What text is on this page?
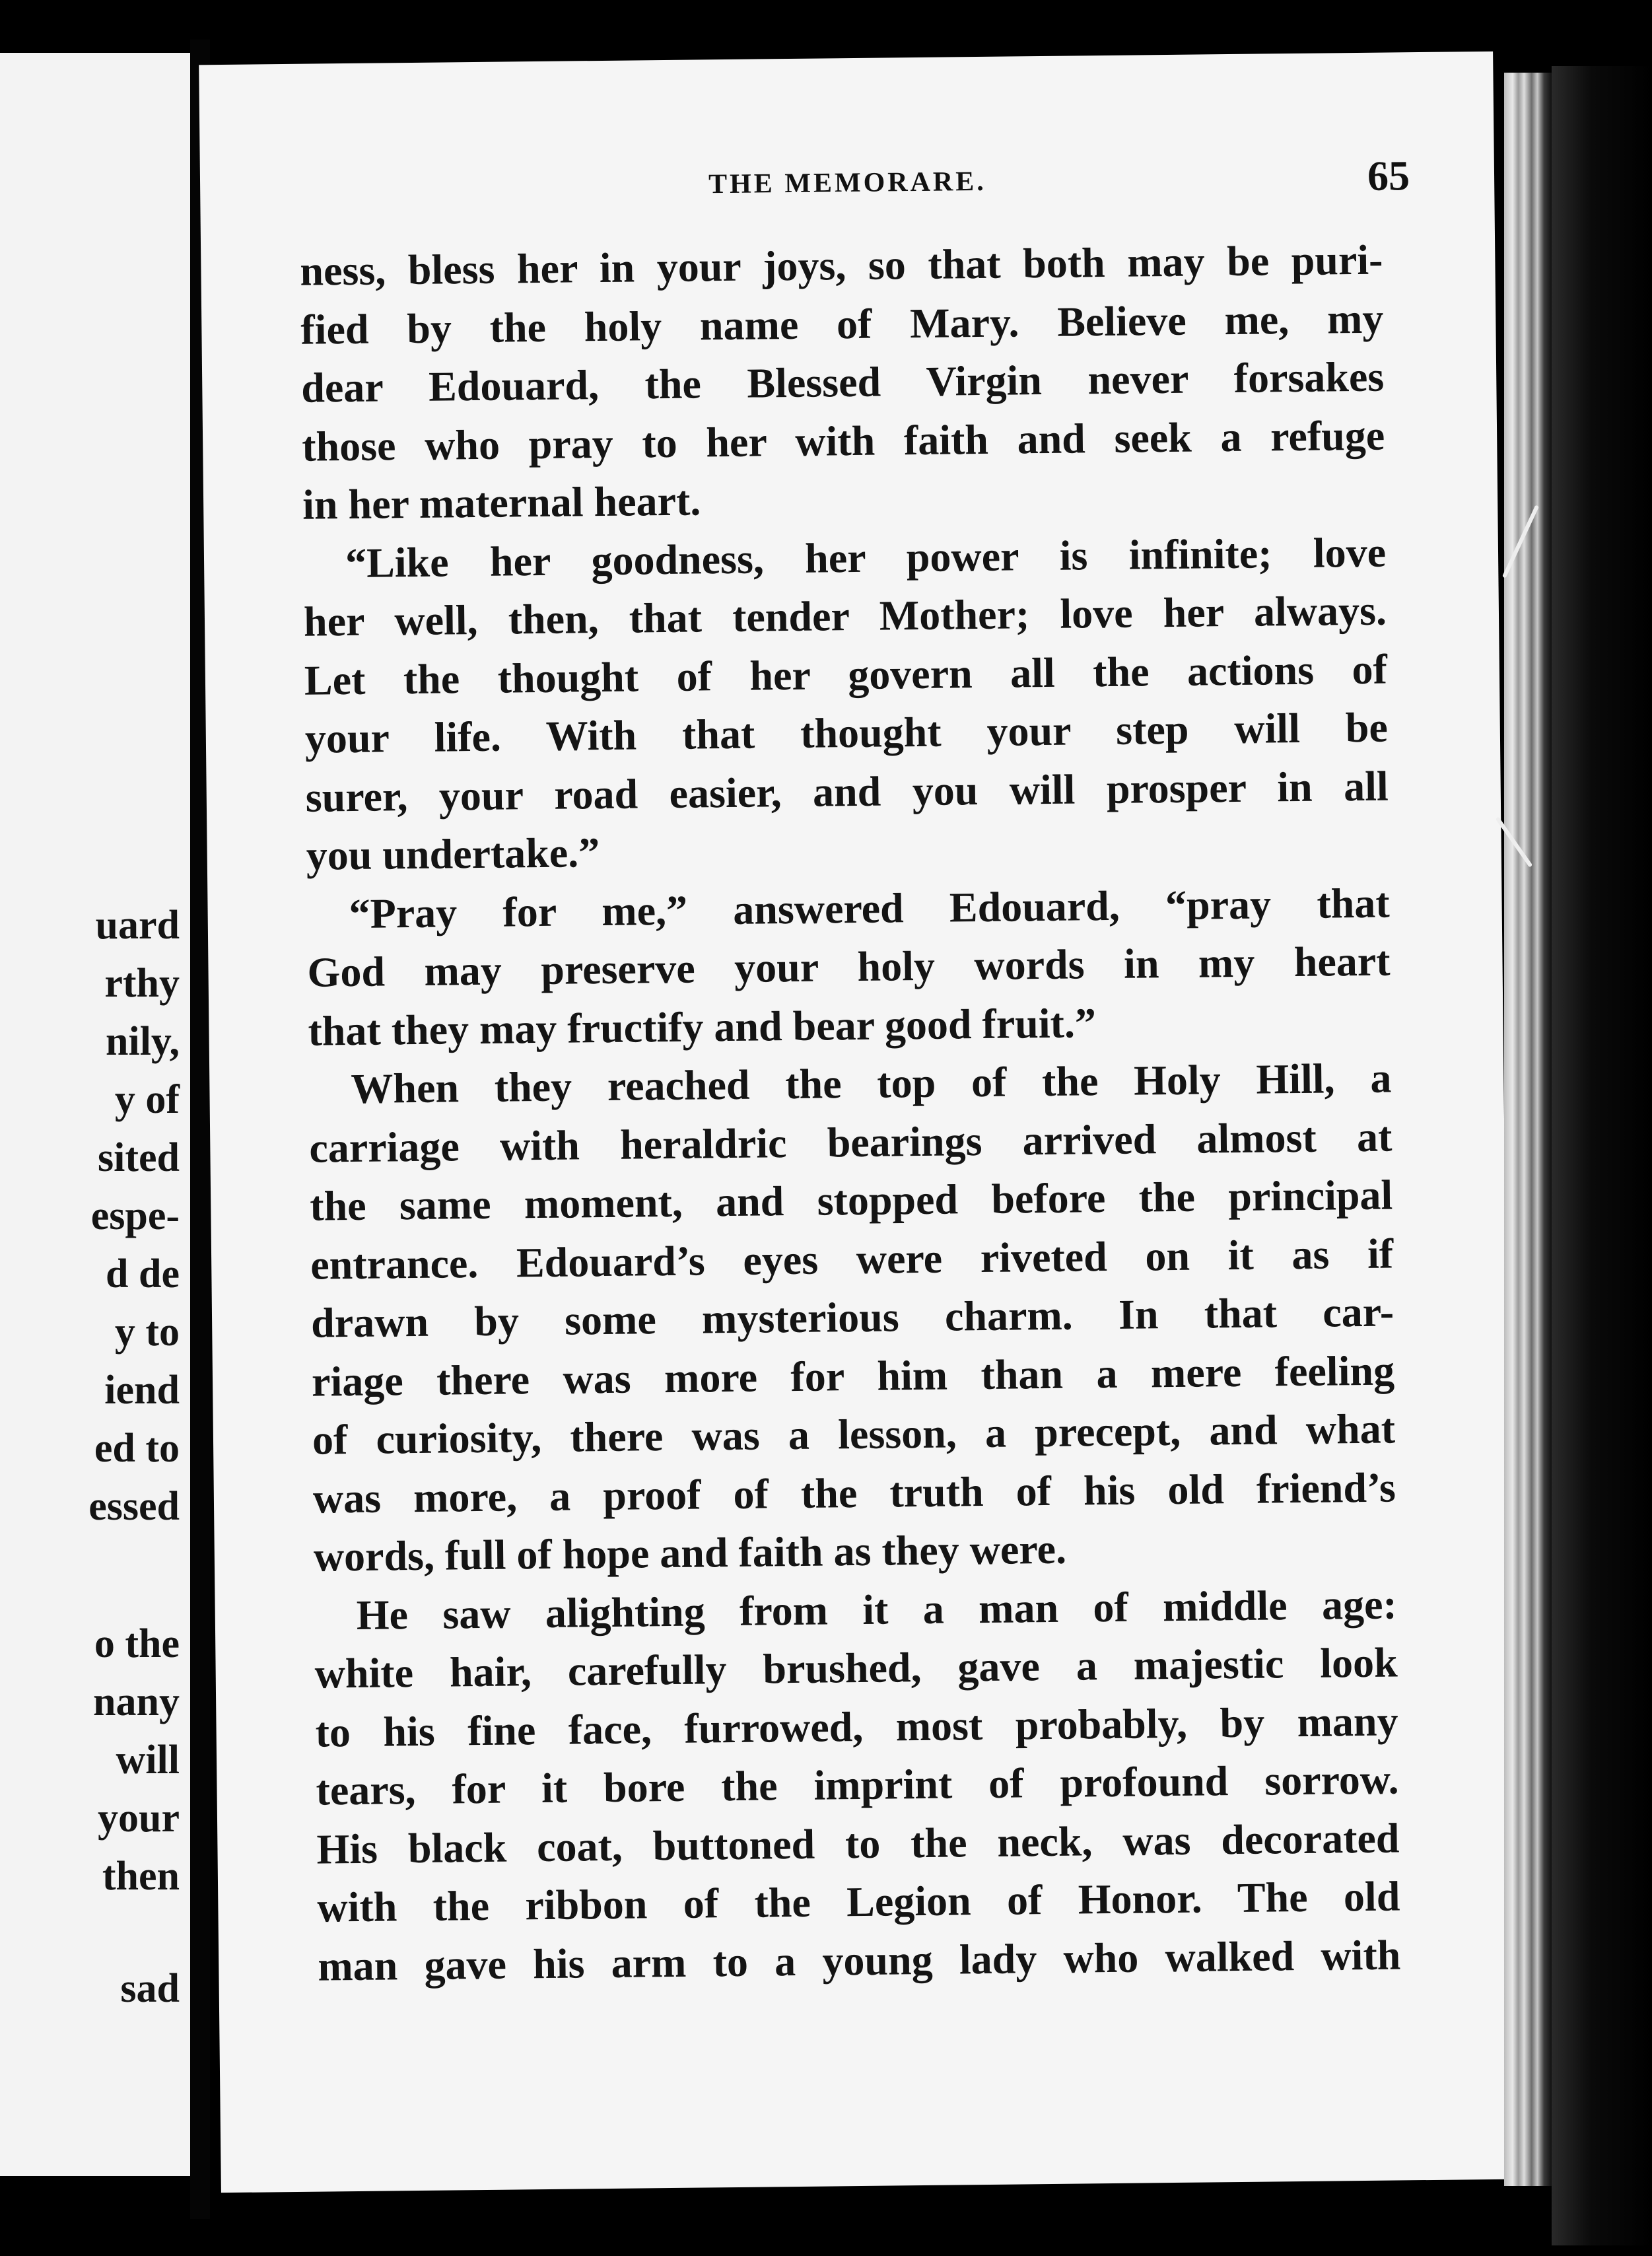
uard
rthy
nily,
y of
sited
espe-
d de
y to
iend
ed to
essed
o the
nany
will
your
then
sad
THE MEMORARE.	65
ness, bless her in your joys, so that both may be puri-
fied by the holy name of Mary. Believe me, my
dear Edouard, the Blessed Virgin never forsakes
those who pray to her with faith and seek a refuge
in her maternal heart.
“Like her goodness, her power is infinite; love
her well, then, that tender Mother; love her always.
Let the thought of her govern all the actions of
your life. With that thought your step will be
surer, your road easier, and you will prosper in all
you undertake.”
“Pray for me,” answered Edouard, “pray that
God may preserve your holy words in my heart
that they may fructify and bear good fruit.”
When they reached the top of the Holy Hill, a
carriage with heraldric bearings arrived almost at
the same moment, and stopped before the principal
entrance. Edouard’s eyes were riveted on it as if
drawn by some mysterious charm. In that car-
riage there was more for him than a mere feeling
of curiosity, there was a lesson, a precept, and what
was more, a proof of the truth of his old friend’s
words, full of hope and faith as they were.
He saw alighting from it a man of middle age:
white hair, carefully brushed, gave a majestic look
to his fine face, furrowed, most probably, by many
tears, for it bore the imprint of profound sorrow.
His black coat, buttoned to the neck, was decorated
with the ribbon of the Legion of Honor. The old
man gave his arm to a young lady who walked with
